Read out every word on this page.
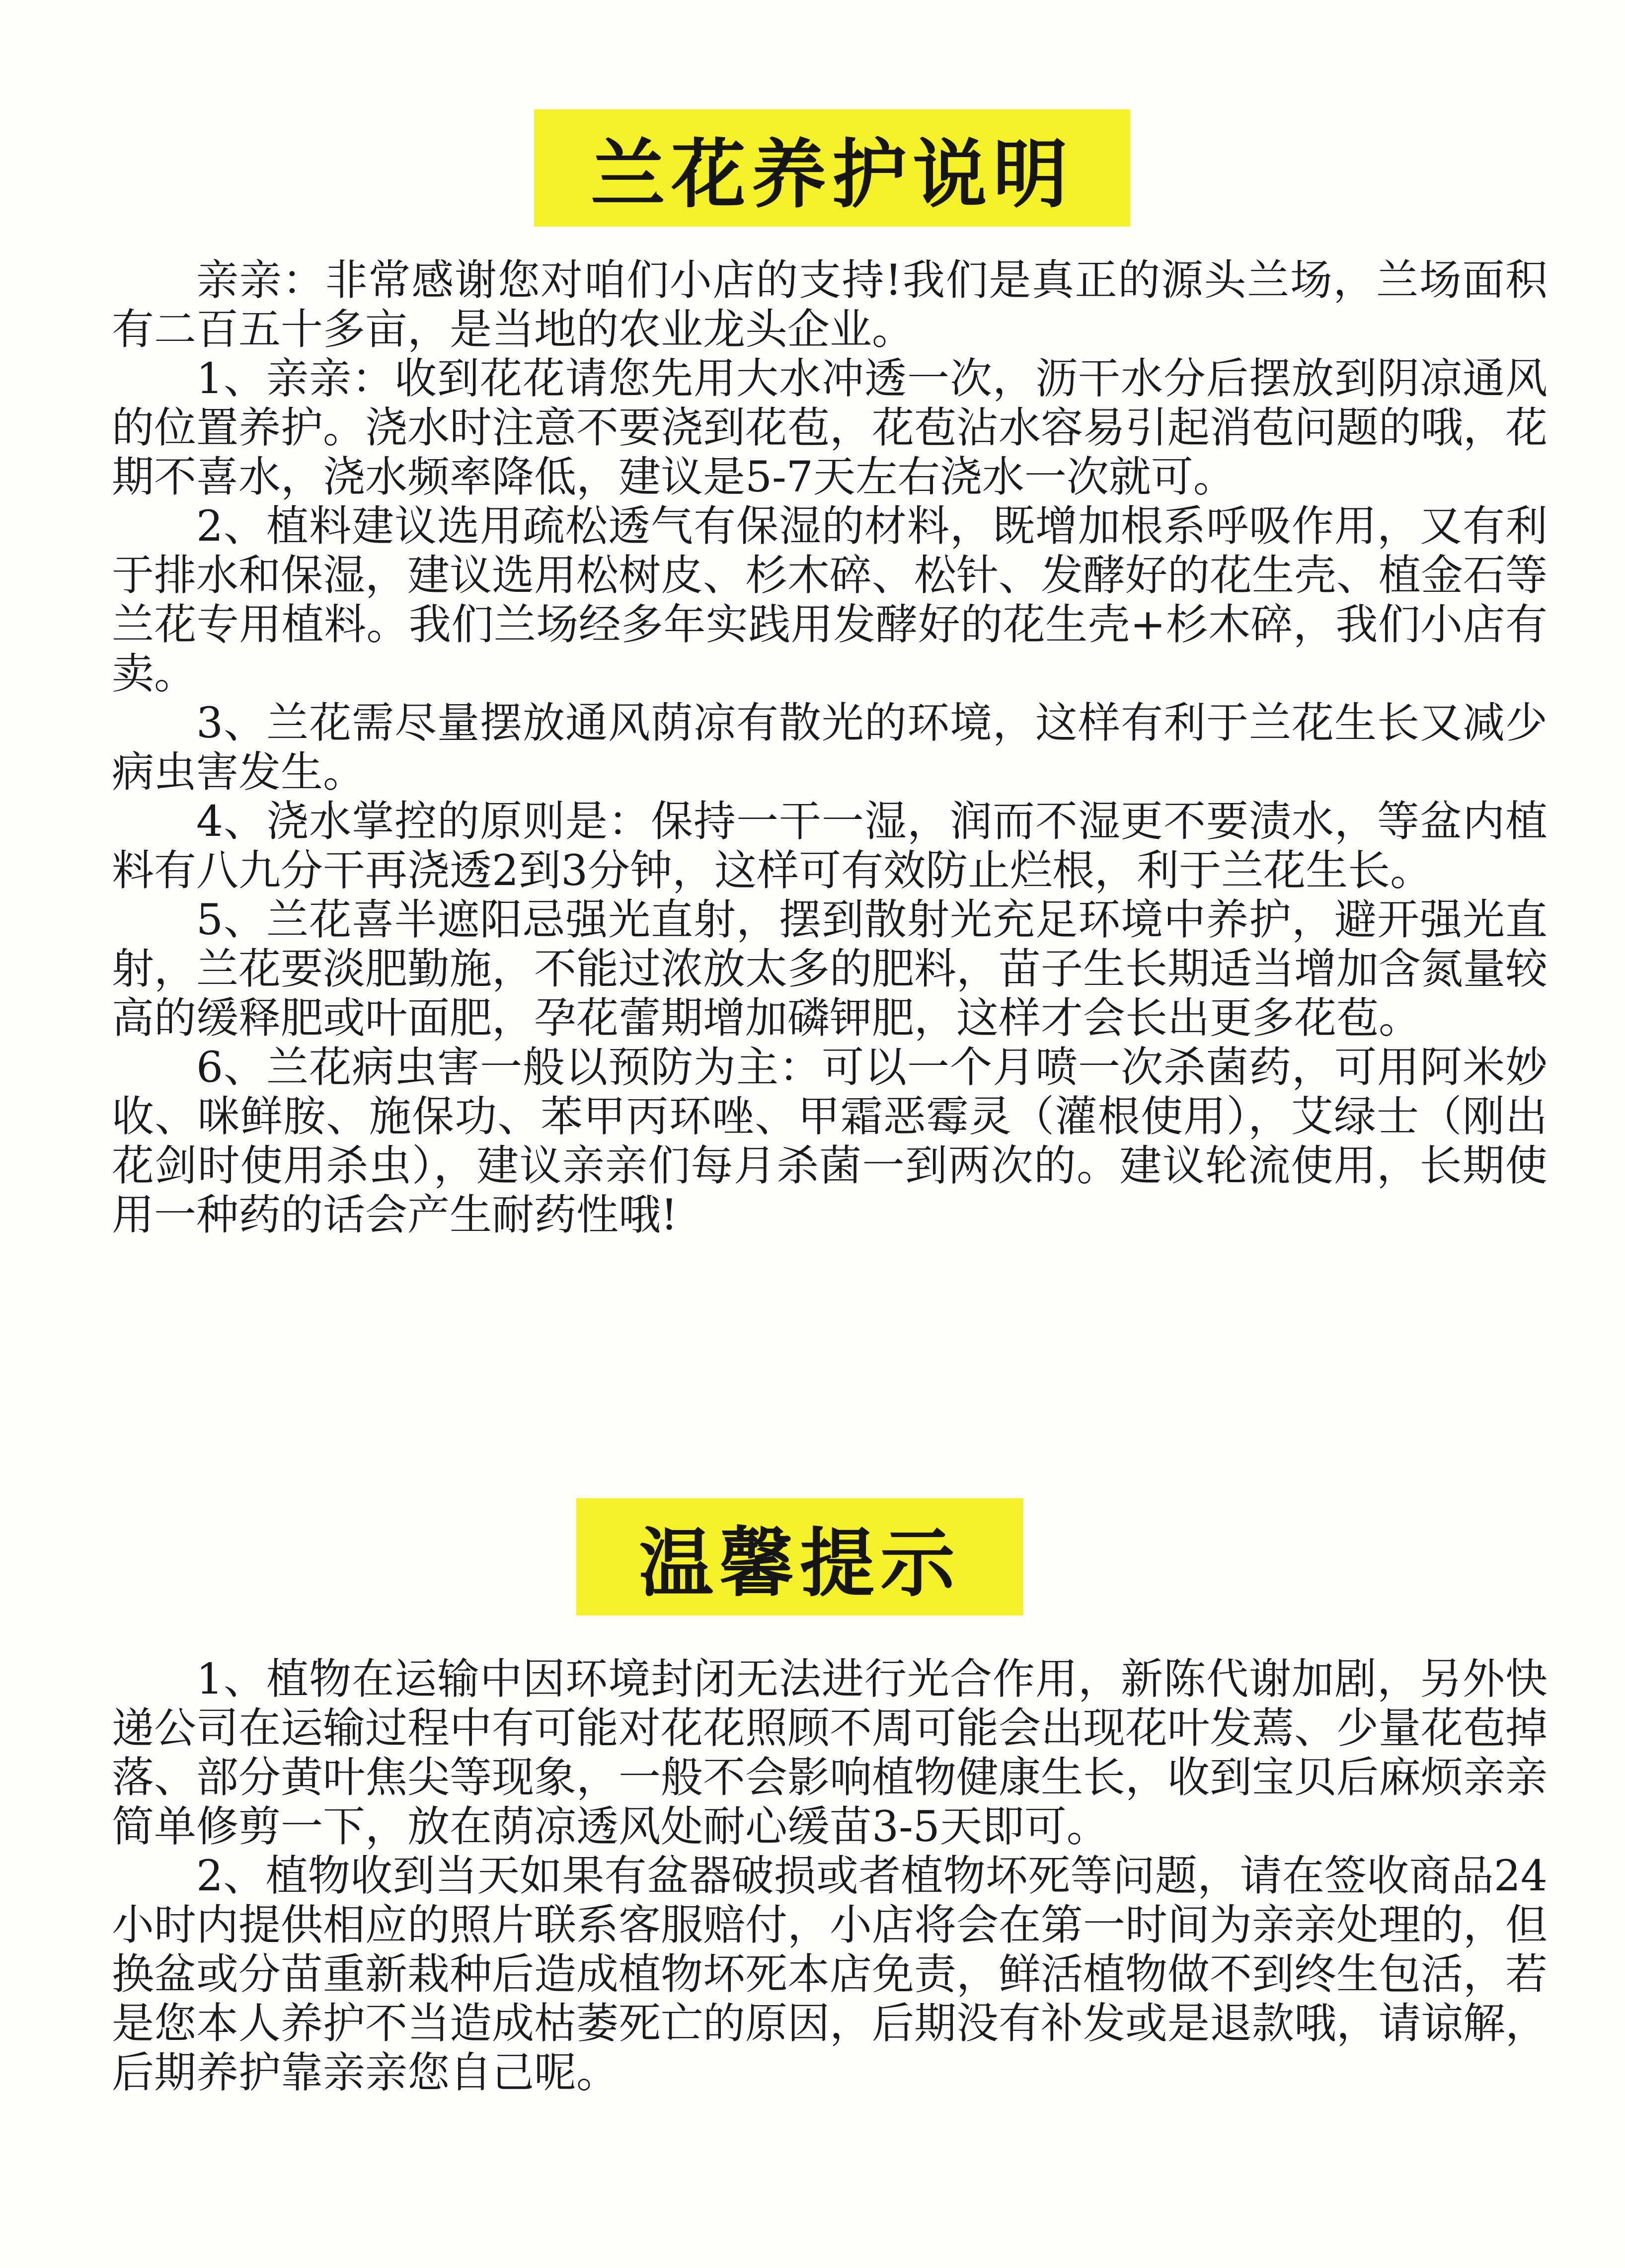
兰花养护说明

亲亲：非常感谢您对咱们小店的支持!我们是真正的源头兰场，兰场面积有二百五十多亩，是当地的农业龙头企业。

1、亲亲：收到花花请您先用大水冲透一次，沥干水分后摆放到阴凉通风的位置养护。浇水时注意不要浇到花苞，花苞沾水容易引起消苞问题的哦，花期不喜水，浇水频率降低，建议是5-7天左右浇水一次就可。

2、植料建议选用疏松透气有保湿的材料，既增加根系呼吸作用，又有利于排水和保湿，建议选用松树皮、杉木碎、松针、发酵好的花生壳、植金石等兰花专用植料。我们兰场经多年实践用发酵好的花生壳+杉木碎，我们小店有卖。

3、兰花需尽量摆放通风荫凉有散光的环境，这样有利于兰花生长又减少病虫害发生。

4、浇水掌控的原则是：保持一干一湿，润而不湿更不要渍水，等盆内植料有八九分干再浇透2到3分钟，这样可有效防止烂根，利于兰花生长。

5、兰花喜半遮阳忌强光直射，摆到散射光充足环境中养护，避开强光直射，兰花要淡肥勤施，不能过浓放太多的肥料，苗子生长期适当增加含氮量较高的缓释肥或叶面肥，孕花蕾期增加磷钾肥，这样才会长出更多花苞。

6、兰花病虫害一般以预防为主：可以一个月喷一次杀菌药，可用阿米妙收、咪鲜胺、施保功、苯甲丙环唑、甲霜恶霉灵（灌根使用），艾绿士（刚出花剑时使用杀虫），建议亲亲们每月杀菌一到两次的。建议轮流使用，长期使用一种药的话会产生耐药性哦!

温馨提示

1、植物在运输中因环境封闭无法进行光合作用，新陈代谢加剧，另外快递公司在运输过程中有可能对花花照顾不周可能会出现花叶发蔫、少量花苞掉落、部分黄叶焦尖等现象，一般不会影响植物健康生长，收到宝贝后麻烦亲亲简单修剪一下，放在荫凉透风处耐心缓苗3-5天即可。

2、植物收到当天如果有盆器破损或者植物坏死等问题，请在签收商品24小时内提供相应的照片联系客服赔付，小店将会在第一时间为亲亲处理的，但换盆或分苗重新栽种后造成植物坏死本店免责，鲜活植物做不到终生包活，若是您本人养护不当造成枯萎死亡的原因，后期没有补发或是退款哦，请谅解，后期养护靠亲亲您自己呢。
